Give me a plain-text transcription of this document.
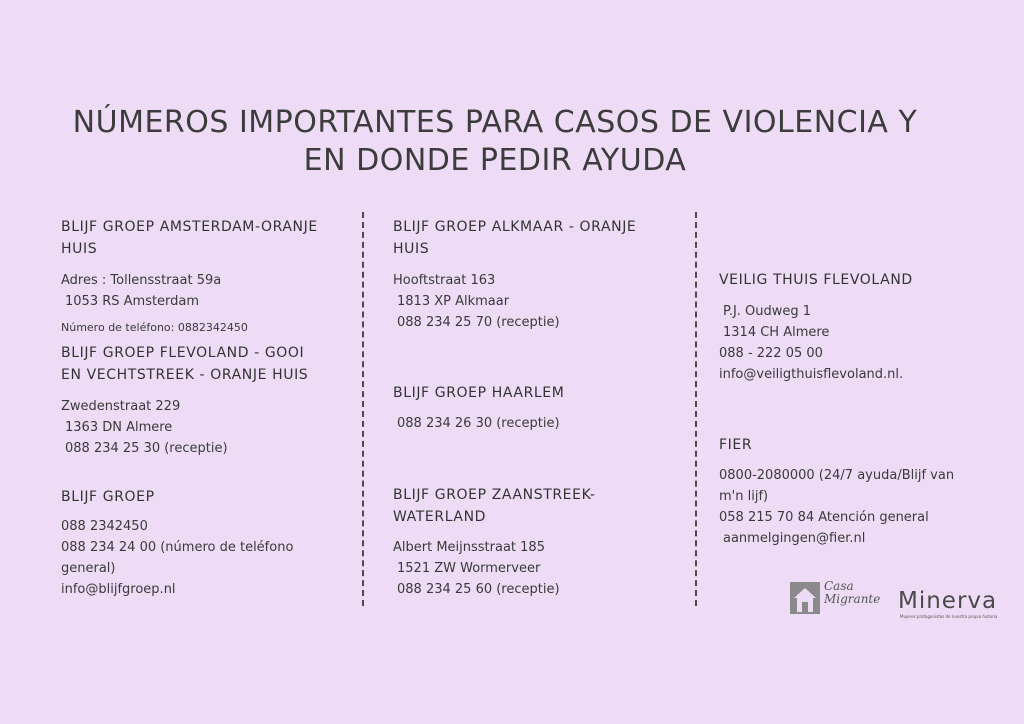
NÚMEROS IMPORTANTES PARA CASOS DE VIOLENCIA Y
EN DONDE PEDIR AYUDA
BLIJF GROEP AMSTERDAM-ORANJE
HUIS
Adres : Tollensstraat 59a
1053 RS Amsterdam
Número de teléfono: 0882342450
BLIJF GROEP FLEVOLAND - GOOI
EN VECHTSTREEK - ORANJE HUIS
Zwedenstraat 229
1363 DN Almere
088 234 25 30 (receptie)
BLIJF GROEP
088 2342450
088 234 24 00 (número de teléfono
general)
info@blijfgroep.nl
BLIJF GROEP ALKMAAR - ORANJE
HUIS
Hooftstraat 163
1813 XP Alkmaar
088 234 25 70 (receptie)
BLIJF GROEP HAARLEM
088 234 26 30 (receptie)
BLIJF GROEP ZAANSTREEK-
WATERLAND
Albert Meijnsstraat 185
1521 ZW Wormerveer
088 234 25 60 (receptie)
VEILIG THUIS FLEVOLAND
P.J. Oudweg 1
1314 CH Almere
088 - 222 05 00
info@veiligthuisflevoland.nl.
FIER
0800-2080000 (24/7 ayuda/Blijf van
m'n lijf)
058 215 70 84 Atención general
aanmelgingen@fier.nl
Casa
Migrante Minerva
Mujeres protagonistas de nuestra propia historia
